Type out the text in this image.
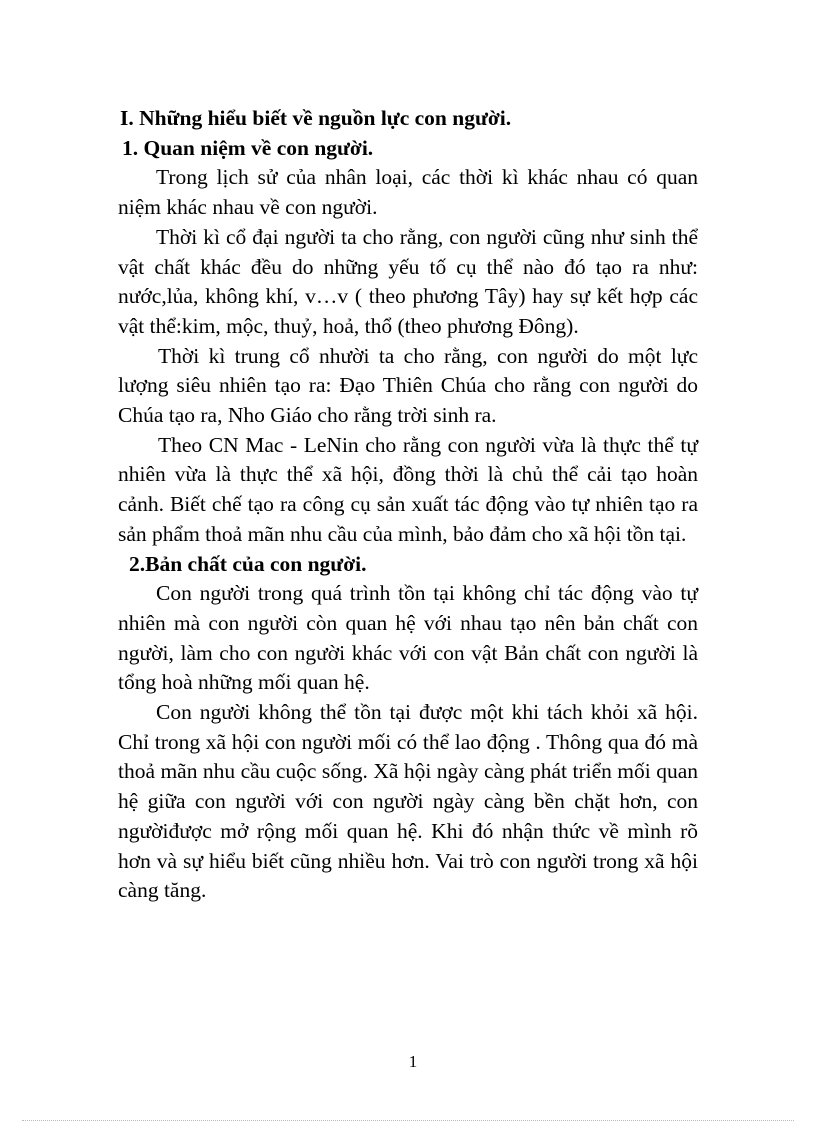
I. Những hiểu biết về nguồn lực con người.

1. Quan niệm về con người.

Trong lịch sử của nhân loại, các thời kì khác nhau có quan niệm khác nhau về con người.

Thời kì cổ đại người ta cho rằng, con người cũng như sinh thể vật chất khác đều do những yếu tố cụ thể nào đó tạo ra như: nước,lủa, không khí, v…v ( theo phương Tây) hay sự kết hợp các vật thể:kim, mộc, thuỷ, hoả, thổ (theo phương Đông).

Thời kì trung cổ nhười ta cho rằng, con người do một lực lượng siêu nhiên tạo ra: Đạo Thiên Chúa cho rằng con người do Chúa tạo ra, Nho Giáo cho rằng trời sinh ra.

Theo CN Mac - LeNin cho rằng con người vừa là thực thể tự nhiên vừa là thực thể xã hội, đồng thời là chủ thể cải tạo hoàn cảnh. Biết chế tạo ra công cụ sản xuất tác động vào tự nhiên tạo ra sản phẩm thoả mãn nhu cầu của mình, bảo đảm cho xã hội tồn tại.

2.Bản chất của con người.

Con người trong quá trình tồn tại không chỉ tác động vào tự nhiên mà con người còn quan hệ với nhau tạo nên bản chất con người, làm cho con người khác với con vật Bản chất con người là tổng hoà những mối quan hệ.

Con người không thể tồn tại được một khi tách khỏi xã hội. Chỉ trong xã hội con người mối có thể lao động . Thông qua đó mà thoả mãn nhu cầu cuộc sống. Xã hội ngày càng phát triển mối quan hệ giữa con người với con người ngày càng bền chặt hơn, con ngườiđược mở rộng mối quan hệ. Khi đó nhận thức về mình rõ hơn và sự hiểu biết cũng nhiều hơn. Vai trò con người trong xã hội càng tăng.

1
